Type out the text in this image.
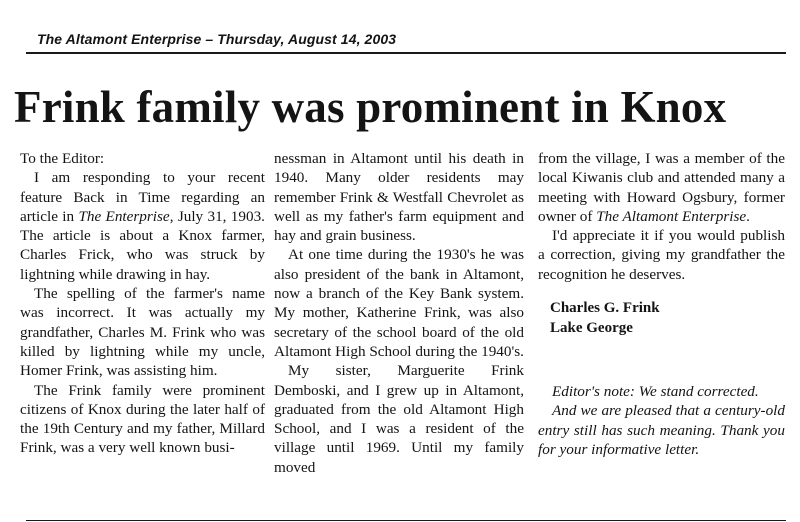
The Altamont Enterprise – Thursday, August 14, 2003
Frink family was prominent in Knox

To the Editor:

I am responding to your recent feature Back in Time regarding an article in The Enterprise, July 31, 1903. The article is about a Knox farmer, Charles Frick, who was struck by lightning while drawing in hay.

The spelling of the farmer's name was incorrect. It was actually my grandfather, Charles M. Frink who was killed by lightning while my uncle, Homer Frink, was assisting him.

The Frink family were prominent citizens of Knox during the later half of the 19th Century and my father, Millard Frink, was a very well known busi-

nessman in Altamont until his death in 1940. Many older residents may remember Frink & Westfall Chevrolet as well as my father's farm equipment and hay and grain business.

At one time during the 1930's he was also president of the bank in Altamont, now a branch of the Key Bank system. My mother, Katherine Frink, was also secretary of the school board of the old Altamont High School during the 1940's.

My sister, Marguerite Frink Demboski, and I grew up in Altamont, graduated from the old Altamont High School, and I was a resident of the village until 1969. Until my family moved

from the village, I was a member of the local Kiwanis club and attended many a meeting with Howard Ogsbury, former owner of The Altamont Enterprise.

I'd appreciate it if you would publish a correction, giving my grandfather the recognition he deserves.

Charles G. Frink
Lake George

Editor's note: We stand corrected.

And we are pleased that a century-old entry still has such meaning. Thank you for your informative letter.
